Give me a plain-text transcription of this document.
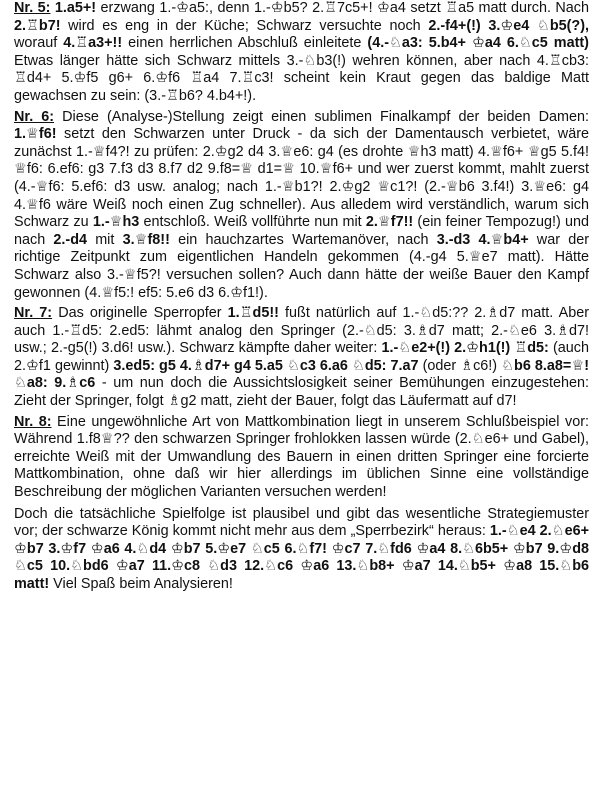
Nr. 5: 1.a5+! erzwang 1.-♔a5:, denn 1.-♔b5? 2.♖7c5+! ♔a4 setzt ♖a5 matt durch. Nach 2.♖b7! wird es eng in der Küche; Schwarz versuchte noch 2.-f4+(!) 3.♔e4 ♘b5(?), worauf 4.♖a3+!! einen herrlichen Abschluß einleitete (4.-♘a3: 5.b4+ ♔a4 6.♘c5 matt) Etwas länger hätte sich Schwarz mittels 3.-♘b3(!) wehren können, aber nach 4.♖cb3: ♖d4+ 5.♔f5 g6+ 6.♔f6 ♖a4 7.♖c3! scheint kein Kraut gegen das baldige Matt gewachsen zu sein: (3.-♖b6? 4.b4+!).

Nr. 6: Diese (Analyse-)Stellung zeigt einen sublimen Finalkampf der beiden Damen: 1.♕f6! setzt den Schwarzen unter Druck - da sich der Damentausch verbietet, wäre zunächst 1.-♕f4?! zu prüfen: 2.♔g2 d4 3.♕e6: g4 (es drohte ♕h3 matt) 4.♕f6+ ♕g5 5.f4! ♕f6: 6.ef6: g3 7.f3 d3 8.f7 d2 9.f8=♕ d1=♕ 10.♕f6+ und wer zuerst kommt, mahlt zuerst (4.-♕f6: 5.ef6: d3 usw. analog; nach 1.-♕b1?! 2.♔g2 ♕c1?! (2.-♕b6 3.f4!) 3.♕e6: g4 4.♕f6 wäre Weiß noch einen Zug schneller). Aus alledem wird verständlich, warum sich Schwarz zu 1.-♕h3 entschloß. Weiß vollführte nun mit 2.♕f7!! (ein feiner Tempozug!) und nach 2.-d4 mit 3.♕f8!! ein hauchzartes Wartemanöver, nach 3.-d3 4.♕b4+ war der richtige Zeitpunkt zum eigentlichen Handeln gekommen (4.-g4 5.♕e7 matt). Hätte Schwarz also 3.-♕f5?! versuchen sollen? Auch dann hätte der weiße Bauer den Kampf gewonnen (4.♕f5:! ef5: 5.e6 d3 6.♔f1!).

Nr. 7: Das originelle Sperropfer 1.♖d5!! fußt natürlich auf 1.-♘d5:?? 2.♗d7 matt. Aber auch 1.-♖d5: 2.ed5: lähmt analog den Springer (2.-♘d5: 3.♗d7 matt; 2.-♘e6 3.♗d7! usw.; 2.-g5(!) 3.d6! usw.). Schwarz kämpfte daher weiter: 1.-♘e2+(!) 2.♔h1(!) ♖d5: (auch 2.♔f1 gewinnt) 3.ed5: g5 4.♗d7+ g4 5.a5 ♘c3 6.a6 ♘d5: 7.a7 (oder ♗c6!) ♘b6 8.a8=♕! ♘a8: 9.♗c6 - um nun doch die Aussichtslosigkeit seiner Bemühungen einzugestehen: Zieht der Springer, folgt ♗g2 matt, zieht der Bauer, folgt das Läufermatt auf d7!

Nr. 8: Eine ungewöhnliche Art von Mattkombination liegt in unserem Schlußbeispiel vor: Während 1.f8♕?? den schwarzen Springer frohlokken lassen würde (2.♘e6+ und Gabel), erreichte Weiß mit der Umwandlung des Bauern in einen dritten Springer eine forcierte Mattkombination, ohne daß wir hier allerdings im üblichen Sinne eine vollständige Beschreibung der möglichen Varianten versuchen werden!

Doch die tatsächliche Spielfolge ist plausibel und gibt das wesentliche Strategiemuster vor; der schwarze König kommt nicht mehr aus dem „Sperrbezirk“ heraus: 1.-♘e4 2.♘e6+ ♔b7 3.♔f7 ♔a6 4.♘d4 ♔b7 5.♔e7 ♘c5 6.♘f7! ♔c7 7.♘fd6 ♔a4 8.♘6b5+ ♔b7 9.♔d8 ♘c5 10.♘bd6 ♔a7 11.♔c8 ♘d3 12.♘c6 ♔a6 13.♘b8+ ♔a7 14.♘b5+ ♔a8 15.♘b6 matt! Viel Spaß beim Analysieren!
